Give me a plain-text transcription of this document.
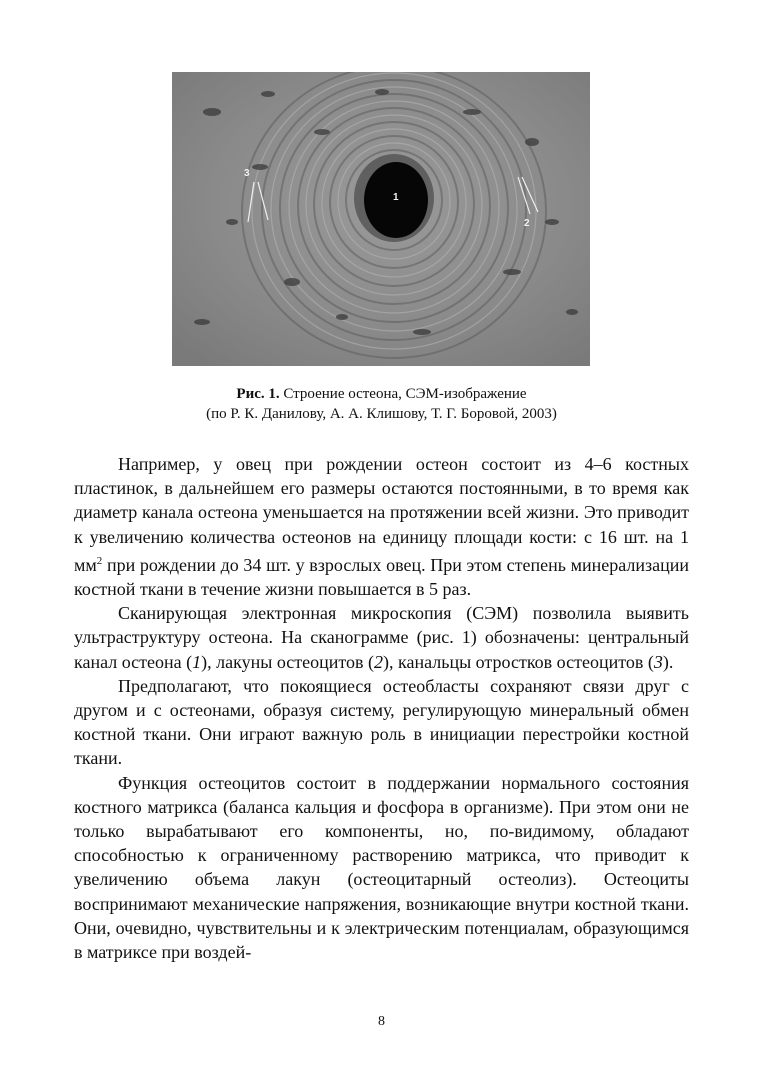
1
2
3
Рис. 1. Строение остеона, СЭМ-изображение
(по Р. К. Данилову, А. А. Клишову, Т. Г. Боровой, 2003)

Например, у овец при рождении остеон состоит из 4–6 костных пластинок, в дальнейшем его размеры остаются постоянными, в то время как диаметр канала остеона уменьшается на протяжении всей жизни. Это приводит к увеличению количества остеонов на единицу площади кости: с 16 шт. на 1 $мм^2$ при рождении до 34 шт. у взрослых овец. При этом степень минерализации костной ткани в течение жизни повышается в 5 раз.

Сканирующая электронная микроскопия (СЭМ) позволила выявить ультраструктуру остеона. На сканограмме (рис. 1) обозначены: центральный канал остеона (1), лакуны остеоцитов (2), канальцы отростков остеоцитов (3).

Предполагают, что покоящиеся остеобласты сохраняют связи друг с другом и с остеонами, образуя систему, регулирующую минеральный обмен костной ткани. Они играют важную роль в инициации перестройки костной ткани.

Функция остеоцитов состоит в поддержании нормального состояния костного матрикса (баланса кальция и фосфора в организме). При этом они не только вырабатывают его компоненты, но, по-видимому, обладают способностью к ограниченному растворению матрикса, что приводит к увеличению объема лакун (остеоцитарный остеолиз). Остеоциты воспринимают механические напряжения, возникающие внутри костной ткани. Они, очевидно, чувствительны и к электрическим потенциалам, образующимся в матриксе при воздей-

8
